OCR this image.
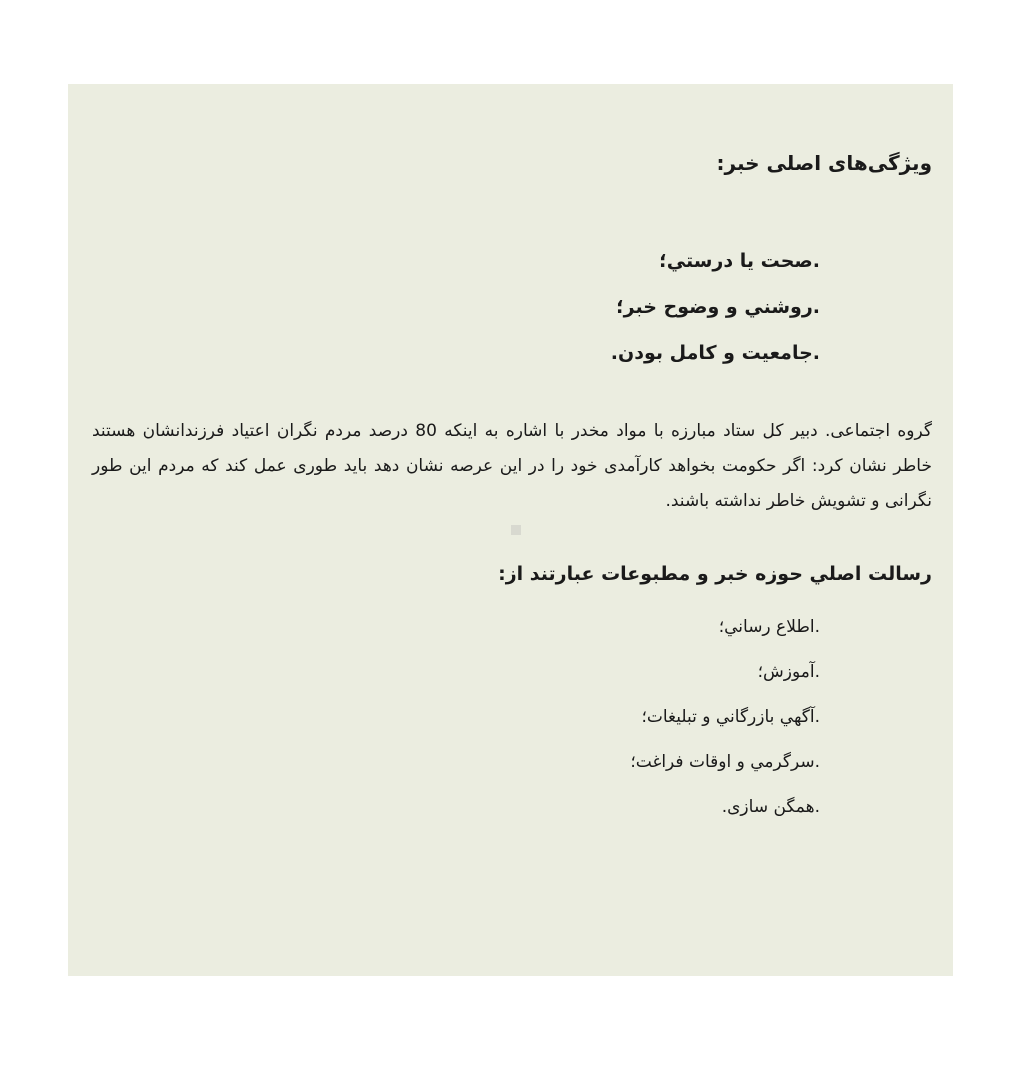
ویژگی‌های اصلی خبر:
.صحت یا درستي؛
.روشني و وضوح خبر؛
.جامعیت و کامل بودن.
گروه اجتماعی. دبیر کل ستاد مبارزه با مواد مخدر با اشاره به اینکه 80 درصد مردم نگران اعتیاد فرزندانشان هستند خاطر نشان کرد: اگر حکومت بخواهد کارآمدی خود را در این عرصه نشان دهد باید طوری عمل کند که مردم این طور نگرانی و تشویش خاطر نداشته باشند.
رسالت اصلي حوزه خبر و مطبوعات عبارتند از:
.اطلاع رساني؛
.آموزش؛
.آگهي بازرگاني و تبليغات؛
.سرگرمي و اوقات فراغت؛
.همگن سازی.
